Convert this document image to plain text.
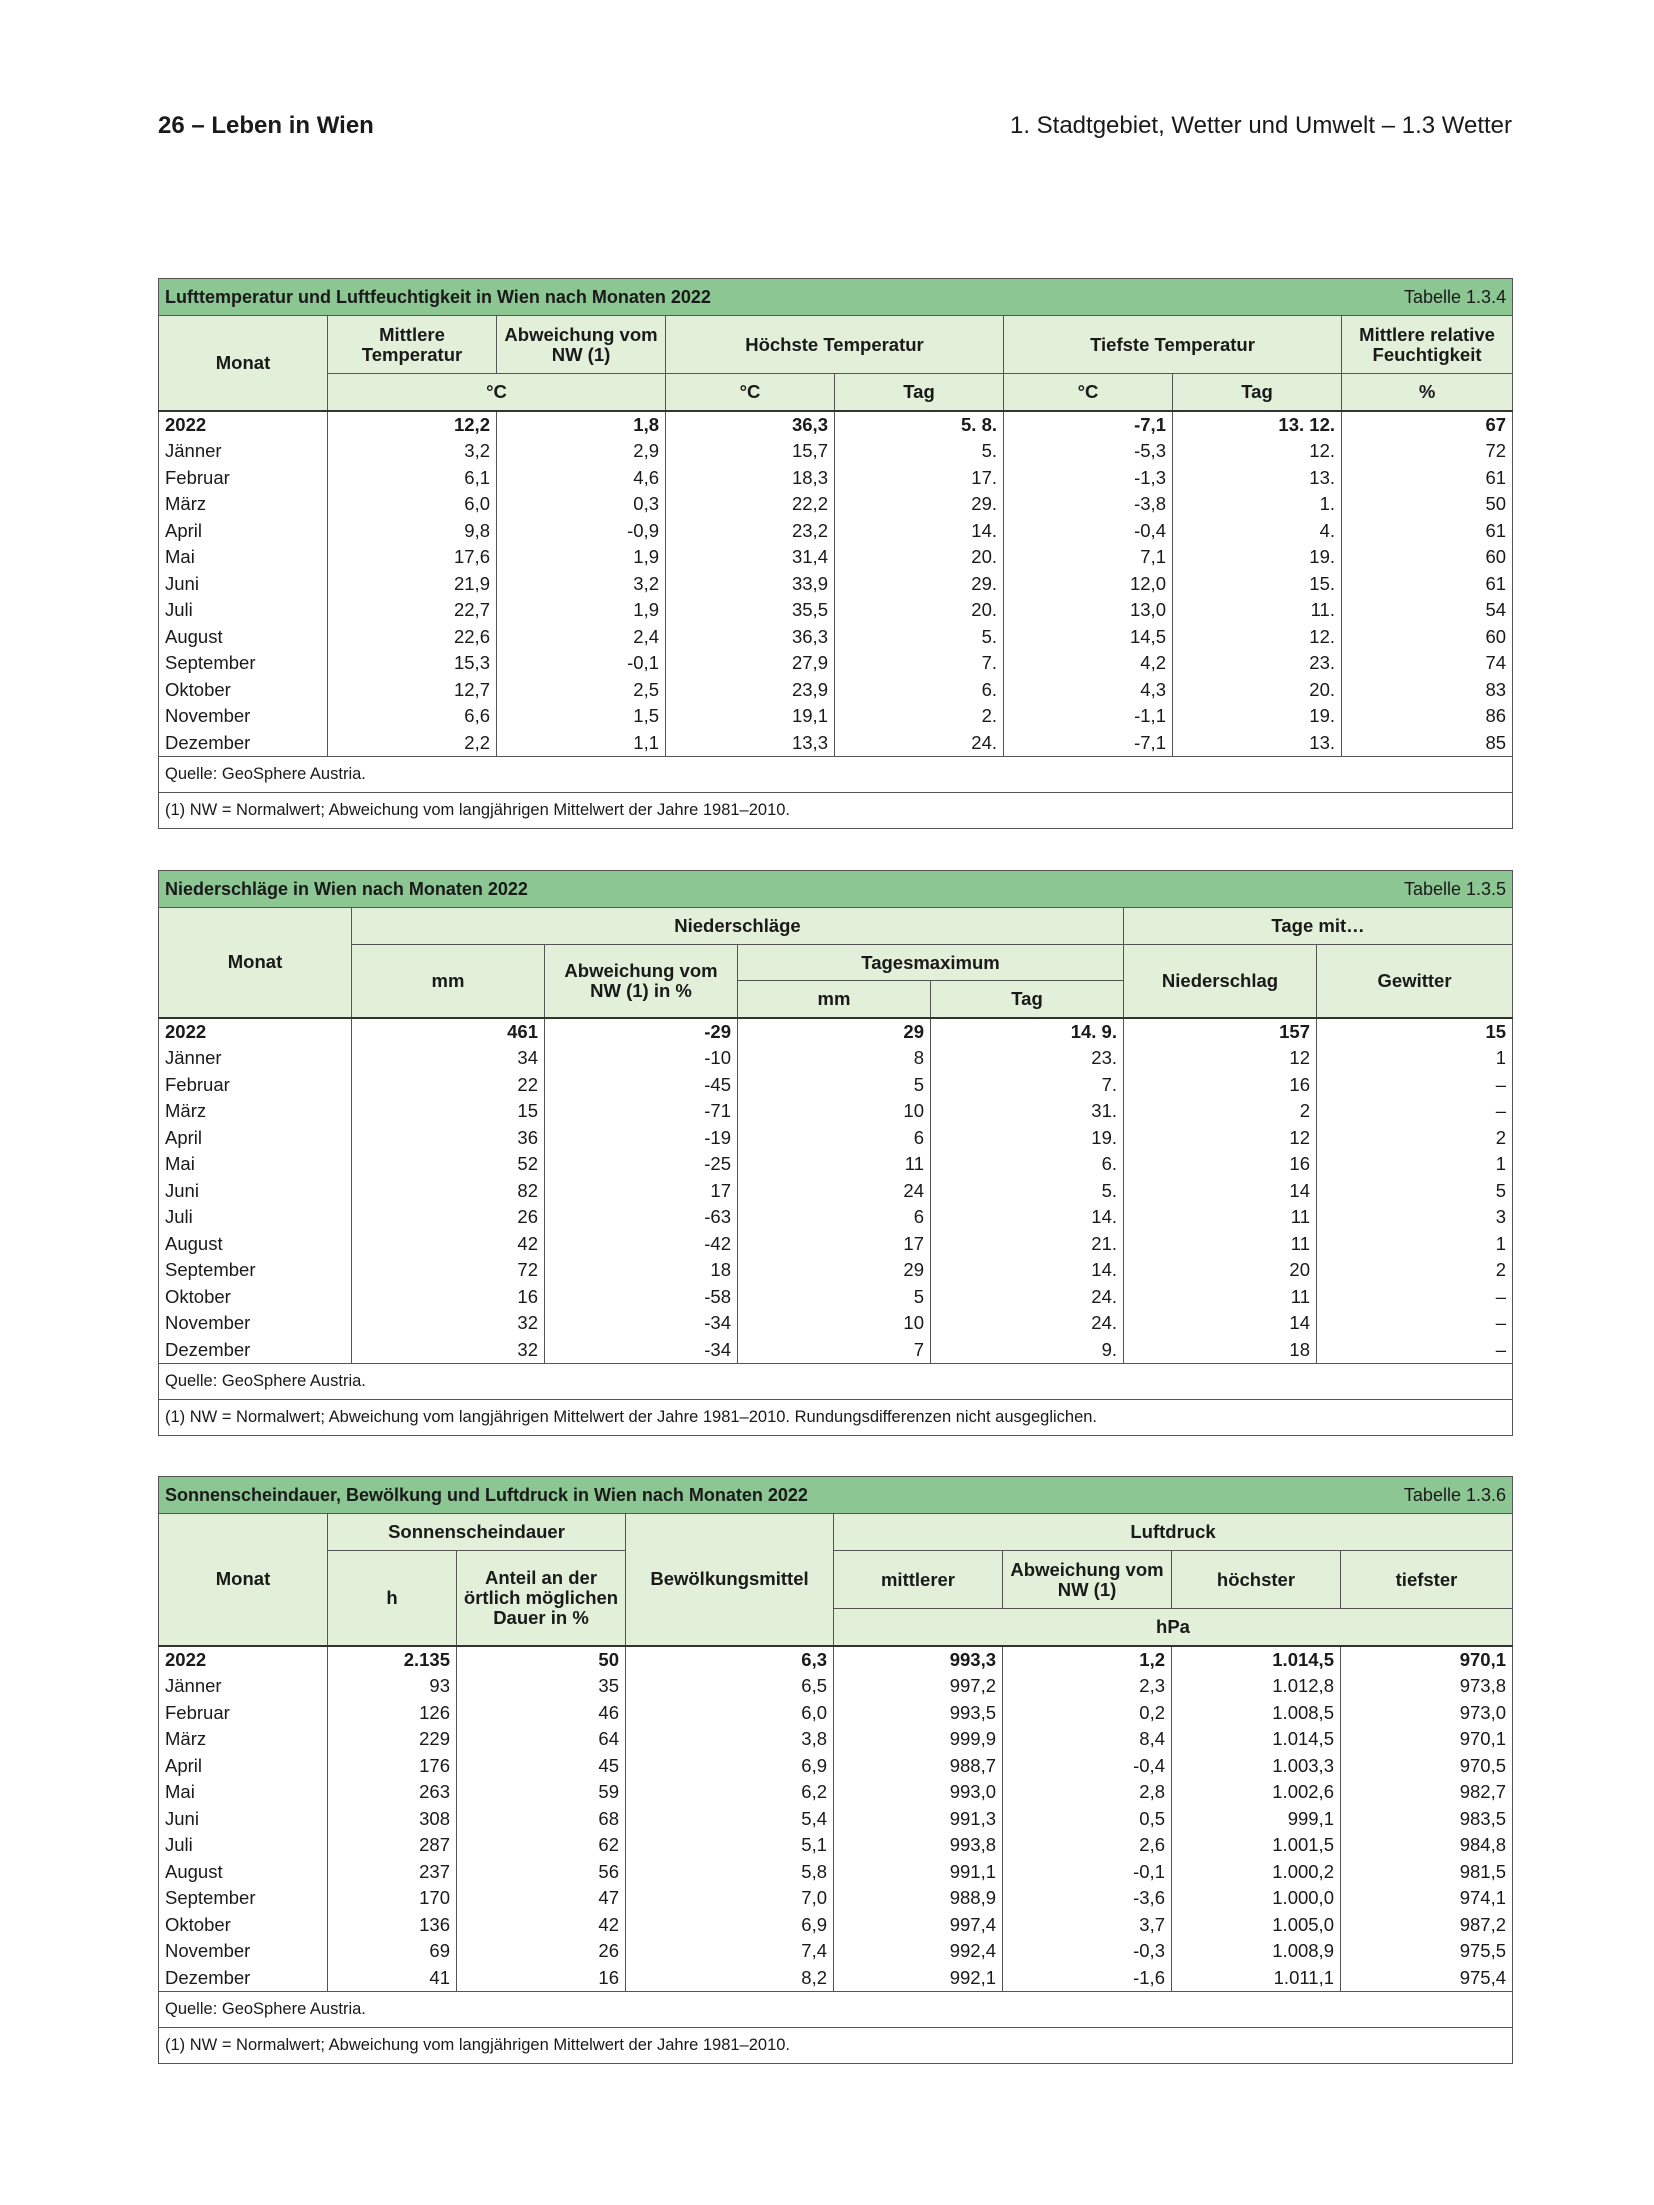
26 – Leben in Wien	1. Stadtgebiet, Wetter und Umwelt – 1.3 Wetter
Lufttemperatur und Luftfeuchtigkeit in Wien nach Monaten 2022 Tabelle 1.3.4							

Monat	Mittlere Temperatur	Abweichung vom NW (1)	Höchste Temperatur		Tiefste Temperatur		Mittlere relative Feuchtigkeit
	°C		°C	Tag	°C	Tag	%
2022	12,2	1,8	36,3	5. 8.	-7,1	13. 12.	67
Jänner	3,2	2,9	15,7	5.	-5,3	12.	72
Februar	6,1	4,6	18,3	17.	-1,3	13.	61
März	6,0	0,3	22,2	29.	-3,8	1.	50
April	9,8	-0,9	23,2	14.	-0,4	4.	61
Mai	17,6	1,9	31,4	20.	7,1	19.	60
Juni	21,9	3,2	33,9	29.	12,0	15.	61
Juli	22,7	1,9	35,5	20.	13,0	11.	54
August	22,6	2,4	36,3	5.	14,5	12.	60
September	15,3	-0,1	27,9	7.	4,2	23.	74
Oktober	12,7	2,5	23,9	6.	4,3	20.	83
November	6,6	1,5	19,1	2.	-1,1	19.	86
Dezember	2,2	1,1	13,3	24.	-7,1	13.	85
Quelle: GeoSphere Austria.							
(1) NW = Normalwert; Abweichung vom langjährigen Mittelwert der Jahre 1981–2010.							
Niederschläge in Wien nach Monaten 2022 Tabelle 1.3.5						

Monat	Niederschläge				Tage mit…	
	mm	Abweichung vom NW (1) in %	Tagesmaximum		Niederschlag	Gewitter
			mm	Tag		
2022	461	-29	29	14. 9.	157	15
Jänner	34	-10	8	23.	12	1
Februar	22	-45	5	7.	16	–
März	15	-71	10	31.	2	–
April	36	-19	6	19.	12	2
Mai	52	-25	11	6.	16	1
Juni	82	17	24	5.	14	5
Juli	26	-63	6	14.	11	3
August	42	-42	17	21.	11	1
September	72	18	29	14.	20	2
Oktober	16	-58	5	24.	11	–
November	32	-34	10	24.	14	–
Dezember	32	-34	7	9.	18	–
Quelle: GeoSphere Austria.						
(1) NW = Normalwert; Abweichung vom langjährigen Mittelwert der Jahre 1981–2010. Rundungsdifferenzen nicht ausgeglichen.						
Sonnenscheindauer, Bewölkung und Luftdruck in Wien nach Monaten 2022 Tabelle 1.3.6							

Monat	Sonnenscheindauer		Bewölkungsmittel	Luftdruck			
	h	Anteil an der örtlich möglichen Dauer in %		mittlerer	Abweichung vom NW (1)	höchster	tiefster
				hPa			
2022	2.135	50	6,3	993,3	1,2	1.014,5	970,1
Jänner	93	35	6,5	997,2	2,3	1.012,8	973,8
Februar	126	46	6,0	993,5	0,2	1.008,5	973,0
März	229	64	3,8	999,9	8,4	1.014,5	970,1
April	176	45	6,9	988,7	-0,4	1.003,3	970,5
Mai	263	59	6,2	993,0	2,8	1.002,6	982,7
Juni	308	68	5,4	991,3	0,5	999,1	983,5
Juli	287	62	5,1	993,8	2,6	1.001,5	984,8
August	237	56	5,8	991,1	-0,1	1.000,2	981,5
September	170	47	7,0	988,9	-3,6	1.000,0	974,1
Oktober	136	42	6,9	997,4	3,7	1.005,0	987,2
November	69	26	7,4	992,4	-0,3	1.008,9	975,5
Dezember	41	16	8,2	992,1	-1,6	1.011,1	975,4
Quelle: GeoSphere Austria.							
(1) NW = Normalwert; Abweichung vom langjährigen Mittelwert der Jahre 1981–2010.							
